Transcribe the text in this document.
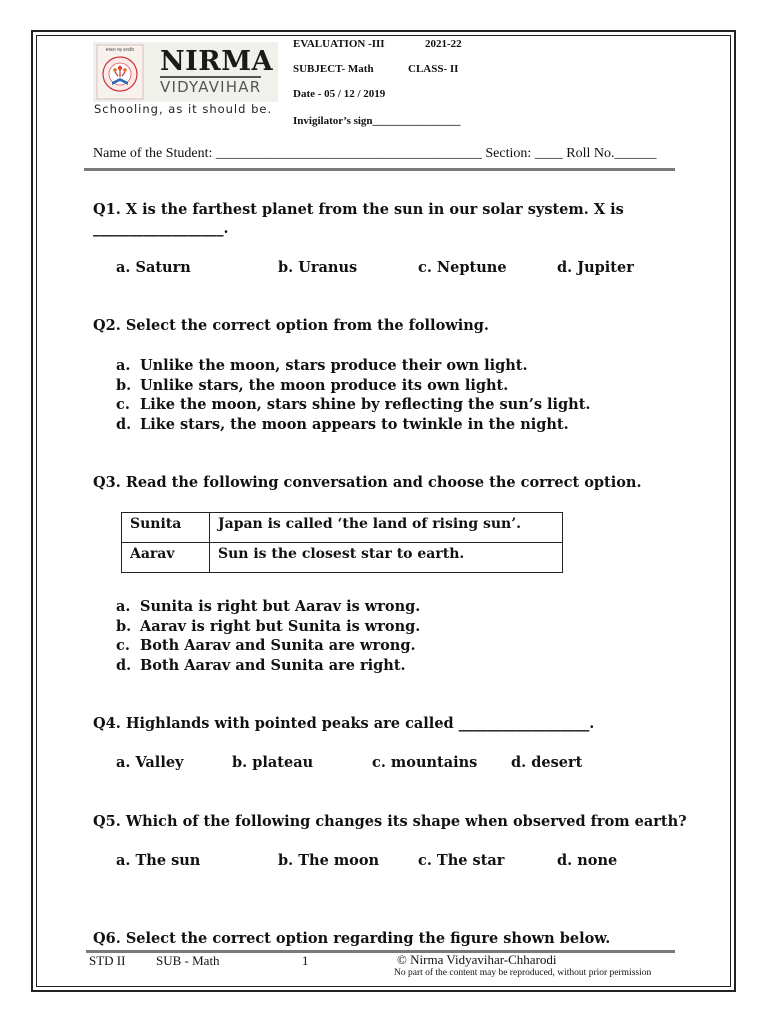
संस्कार सह ज्ञानदीप NIRMA
VIDYAVIHAR
Schooling, as it should be.
EVALUATION -III	2021-22
SUBJECT- Math	CLASS- II
Date - 05 / 12 / 2019
Invigilator’s sign________________
Name of the Student: ______________________________________ Section: ____ Roll No.______
Q1. X is the farthest planet from the sun in our solar system. X is
__________________.
a. Saturn	b. Uranus	c. Neptune	d. Jupiter
Q2. Select the correct option from the following.
a. Unlike the moon, stars produce their own light.
b. Unlike stars, the moon produce its own light.
c. Like the moon, stars shine by reflecting the sun’s light.
d. Like stars, the moon appears to twinkle in the night.
Q3. Read the following conversation and choose the correct option.
Sunita	Japan is called ‘the land of rising sun’.
Aarav	Sun is the closest star to earth.
a. Sunita is right but Aarav is wrong.
b. Aarav is right but Sunita is wrong.
c. Both Aarav and Sunita are wrong.
d. Both Aarav and Sunita are right.
Q4. Highlands with pointed peaks are called __________________.
a. Valley	b. plateau	c. mountains d. desert
Q5. Which of the following changes its shape when observed from earth?
a. The sun	b. The moon	c. The star	d. none
Q6. Select the correct option regarding the figure shown below.
STD II SUB - Math	1	© Nirma Vidyavihar-Chharodi
No part of the content may be reproduced, without prior permission
